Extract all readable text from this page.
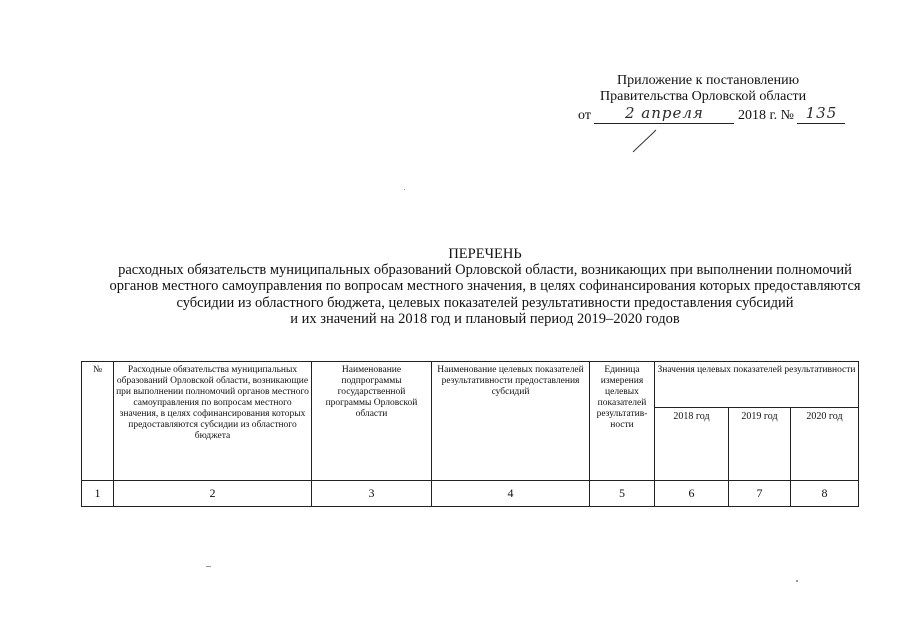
Приложение к постановлению
Правительства Орловской области
от 2 апреля 2018 г. № 135
ПЕРЕЧЕНЬ
расходных обязательств муниципальных образований Орловской области, возникающих при выполнении полномочий
органов местного самоуправления по вопросам местного значения, в целях софинансирования которых предоставляются
субсидии из областного бюджета, целевых показателей результативности предоставления субсидий
и их значений на 2018 год и плановый период 2019–2020 годов
№	Расходные обязательства муниципальных образований Орловской области, возникающие при выполнении полномочий органов местного самоуправления по вопросам местного значения, в целях софинансирования которых предоставляются субсидии из областного бюджета	Наименование подпрограммы государственной программы Орловской области	Наименование целевых показателей результативности предоставления субсидий	Единица измерения целевых показателей результатив-ности	Значения целевых показателей результативности		
					2018 год	2019 год	2020 год
1	2	3	4	5	6	7	8
